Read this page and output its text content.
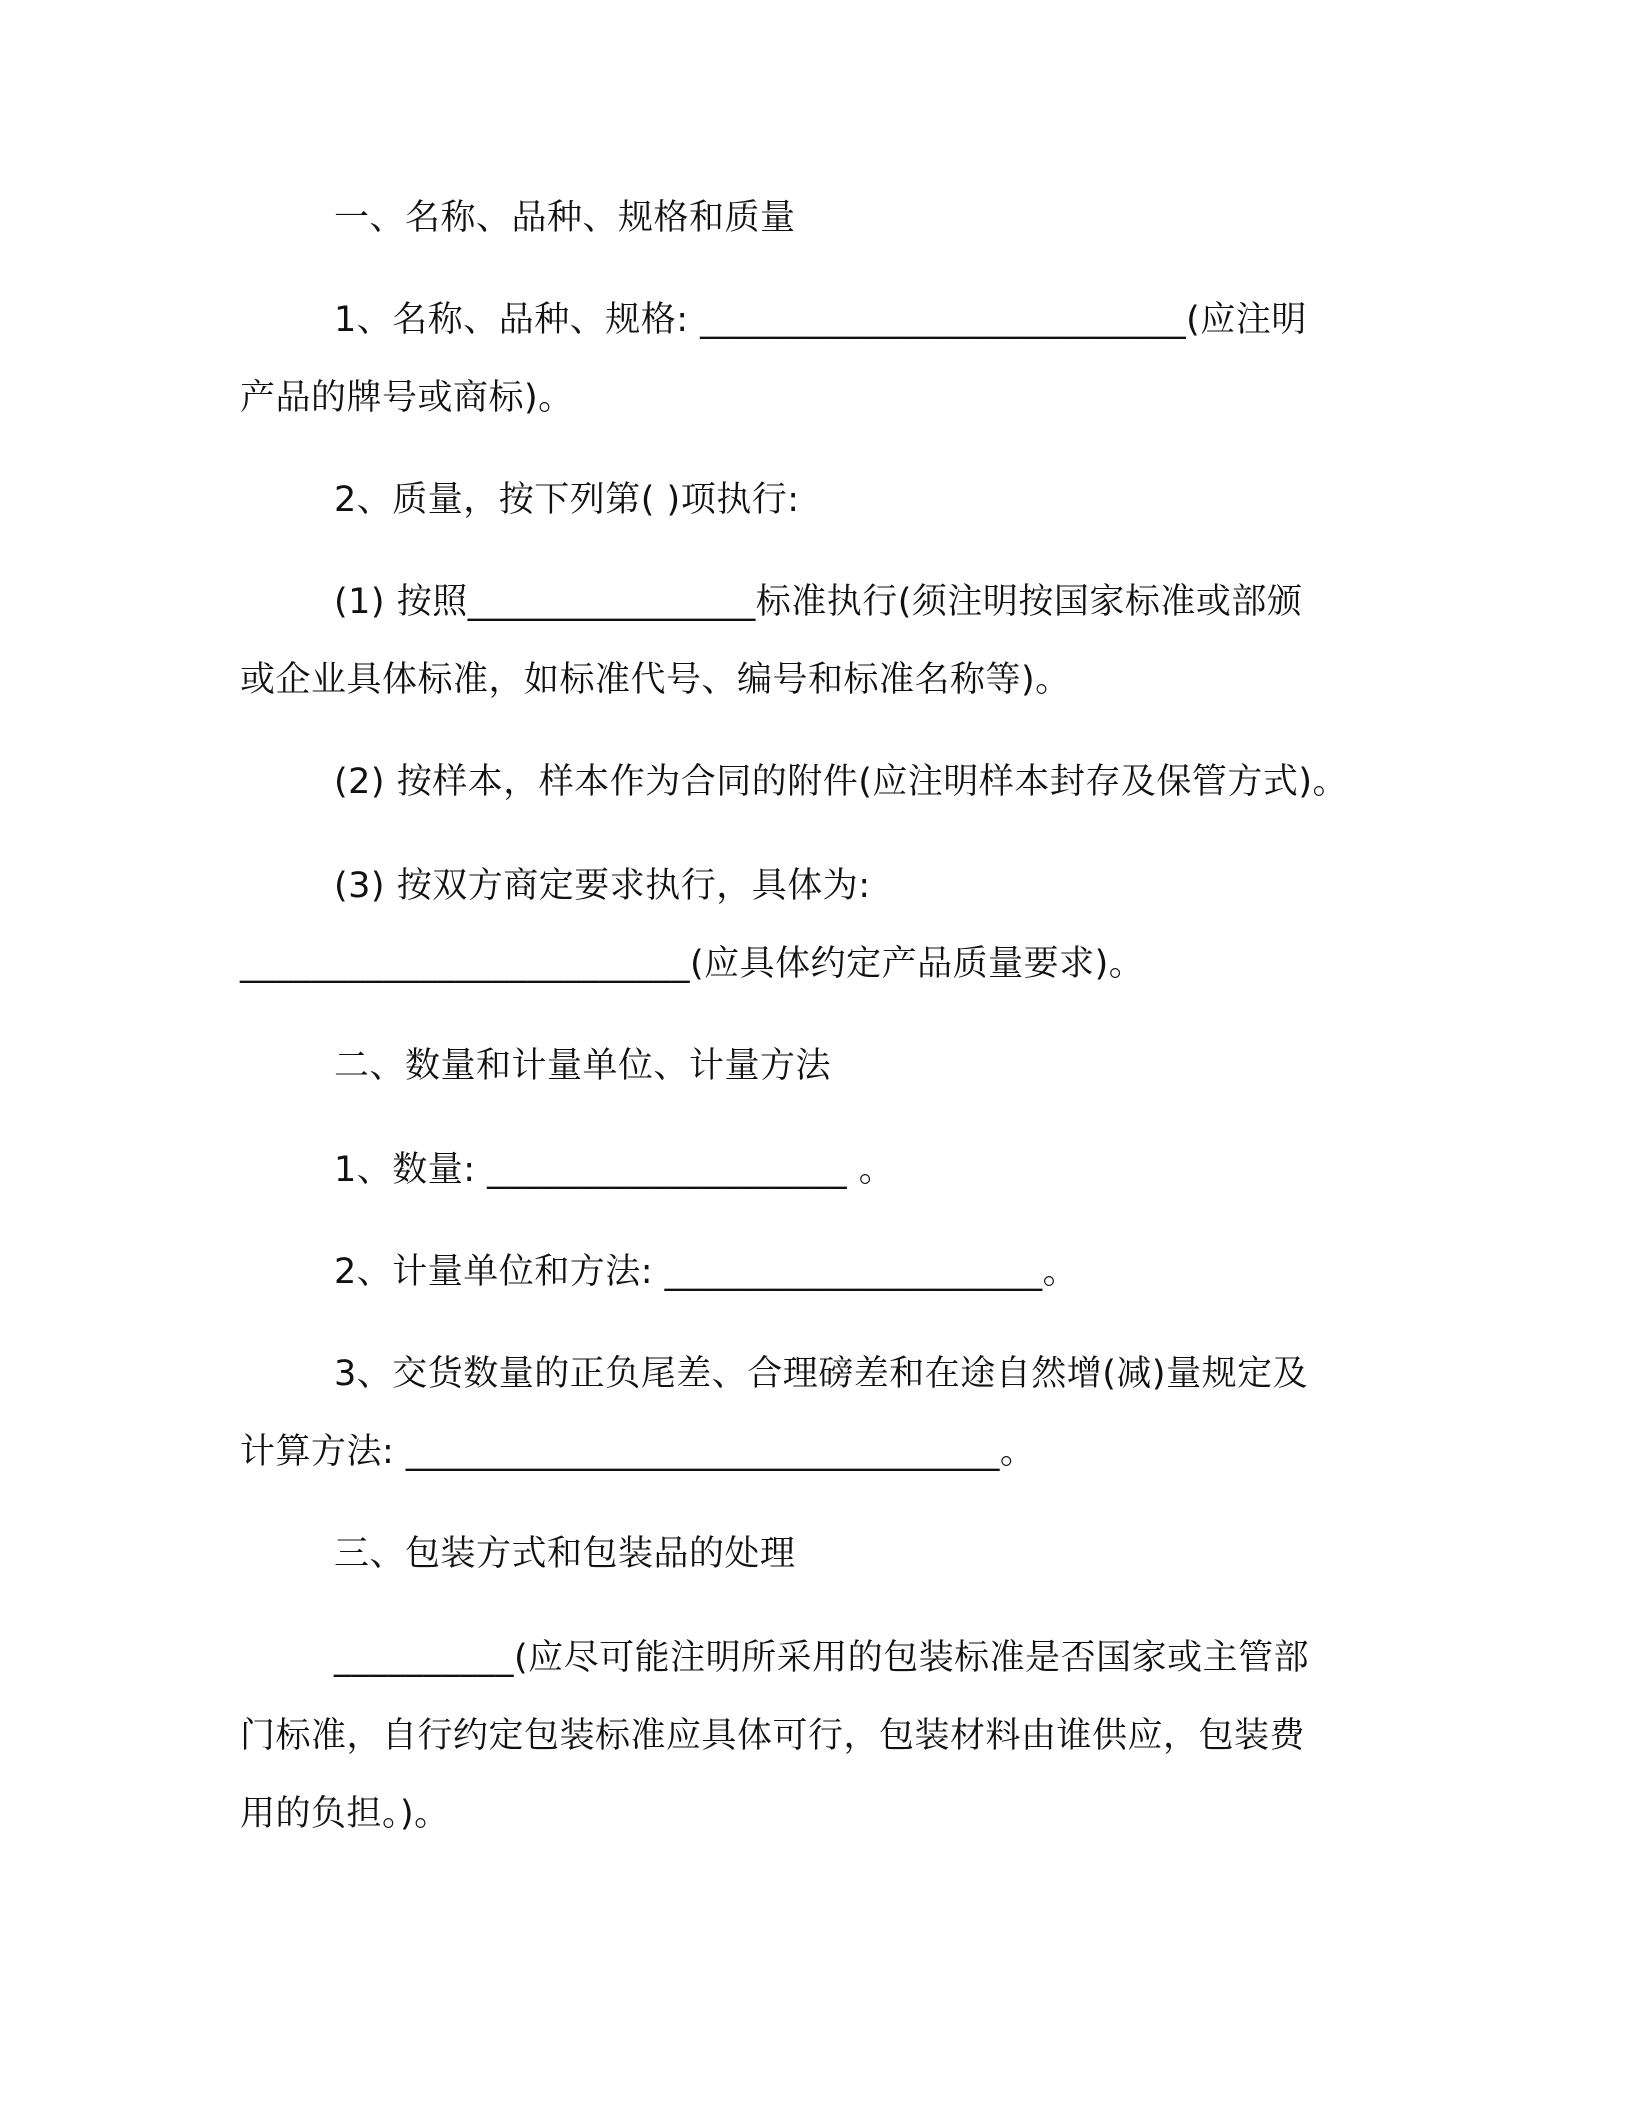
一、名称、品种、规格和质量
1、名称、品种、规格: ___________________________(应注明
产品的牌号或商标)。
2、质量，按下列第( )项执行:
(1) 按照________________标准执行(须注明按国家标准或部颁
或企业具体标准，如标准代号、编号和标准名称等)。
(2) 按样本，样本作为合同的附件(应注明样本封存及保管方式)。
(3) 按双方商定要求执行，具体为:
_________________________(应具体约定产品质量要求)。
二、数量和计量单位、计量方法
1、数量: ____________________ 。
2、计量单位和方法: _____________________。
3、交货数量的正负尾差、合理磅差和在途自然增(减)量规定及
计算方法: _________________________________。
三、包装方式和包装品的处理
__________(应尽可能注明所采用的包装标准是否国家或主管部
门标准，自行约定包装标准应具体可行，包装材料由谁供应，包装费
用的负担。)。
